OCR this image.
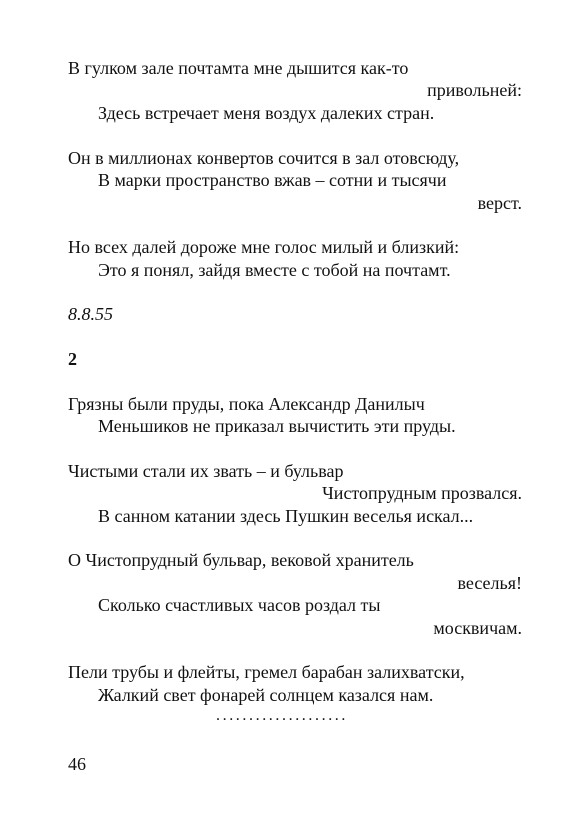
В гулком зале почтамта мне дышится как-то
привольней:
Здесь встречает меня воздух далеких стран.
Он в миллионах конвертов сочится в зал отовсюду,
В марки пространство вжав – сотни и тысячи
верст.
Но всех далей дороже мне голос милый и близкий:
Это я понял, зайдя вместе с тобой на почтамт.
8.8.55
2
Грязны были пруды, пока Александр Данилыч
Меньшиков не приказал вычистить эти пруды.
Чистыми стали их звать – и бульвар
Чистопрудным прозвался.
В санном катании здесь Пушкин веселья искал...
О Чистопрудный бульвар, вековой хранитель
веселья!
Сколько счастливых часов роздал ты
москвичам.
Пели трубы и флейты, гремел барабан залихватски,
Жалкий свет фонарей солнцем казался нам.
....................
46
